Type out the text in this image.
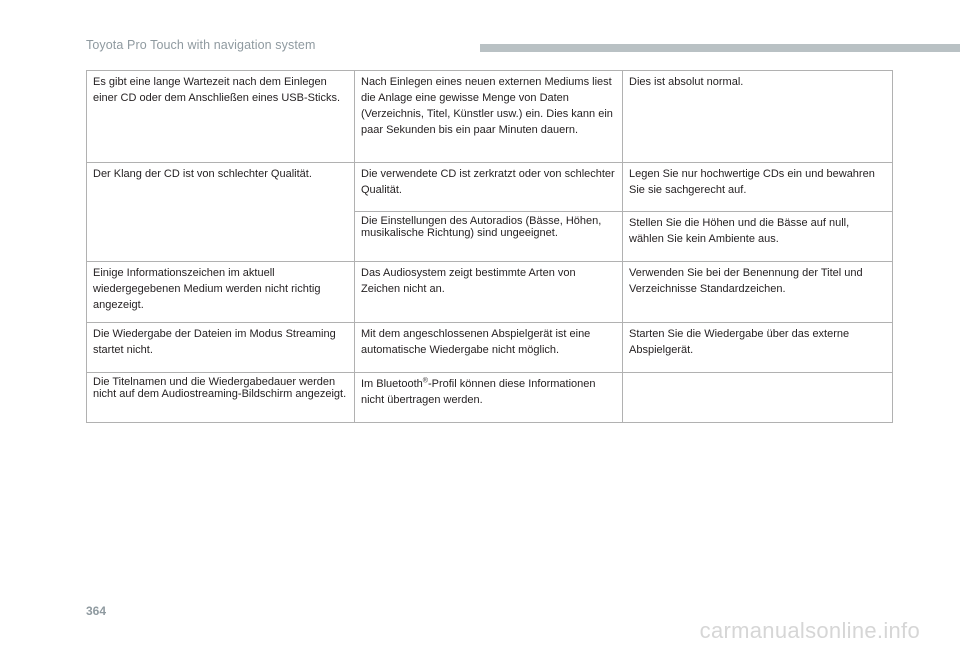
Toyota Pro Touch with navigation system
Es gibt eine lange Wartezeit nach dem Einlegen einer CD oder dem Anschließen eines USB-Sticks.	Nach Einlegen eines neuen externen Mediums liest die Anlage eine gewisse Menge von Daten (Verzeichnis, Titel, Künstler usw.) ein. Dies kann ein paar Sekunden bis ein paar Minuten dauern.	Dies ist absolut normal.
Der Klang der CD ist von schlechter Qualität.	Die verwendete CD ist zerkratzt oder von schlechter Qualität.	Legen Sie nur hochwertige CDs ein und bewahren Sie sie sachgerecht auf.
	Die Einstellungen des Autoradios (Bässe, Höhen, musikalische Richtung) sind ungeeignet.	Stellen Sie die Höhen und die Bässe auf null, wählen Sie kein Ambiente aus.
Einige Informationszeichen im aktuell wiedergegebenen Medium werden nicht richtig angezeigt.	Das Audiosystem zeigt bestimmte Arten von Zeichen nicht an.	Verwenden Sie bei der Benennung der Titel und Verzeichnisse Standardzeichen.
Die Wiedergabe der Dateien im Modus Streaming startet nicht.	Mit dem angeschlossenen Abspielgerät ist eine automatische Wiedergabe nicht möglich.	Starten Sie die Wiedergabe über das externe Abspielgerät.
Die Titelnamen und die Wiedergabedauer werden nicht auf dem Audiostreaming-Bildschirm angezeigt.	Im Bluetooth®-Profil können diese Informationen nicht übertragen werden.	
364
carmanualsonline.info
